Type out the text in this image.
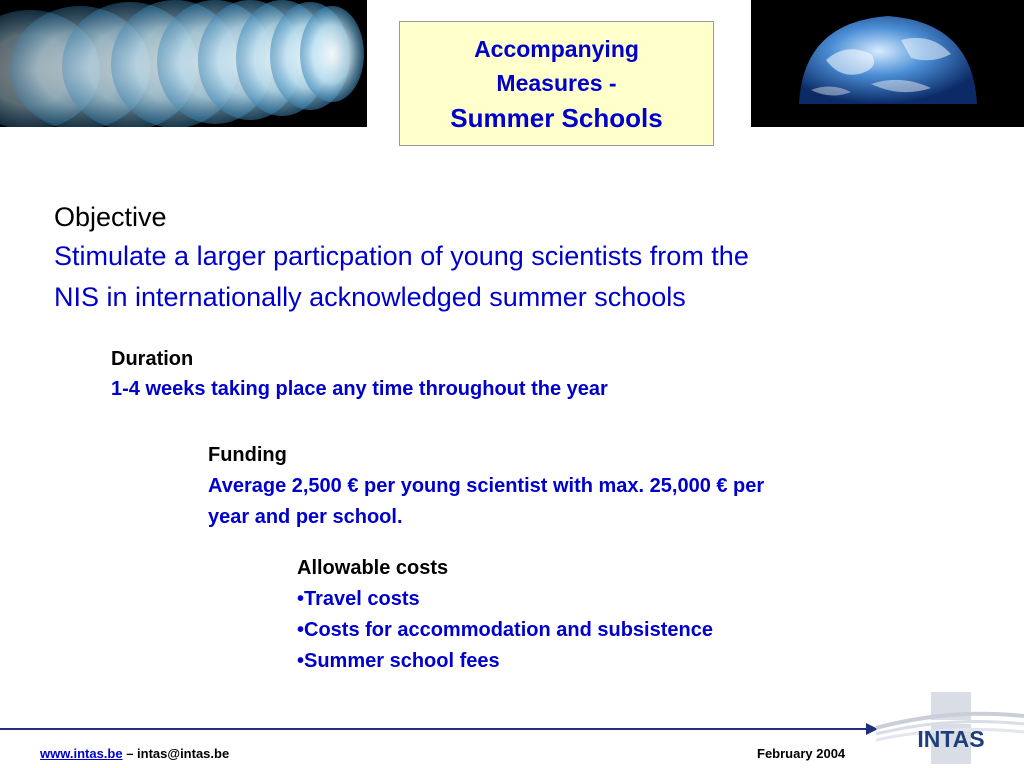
Accompanying
Measures -
Summer Schools
Objective
Stimulate a larger particpation of young scientists from the
NIS in internationally acknowledged summer schools
Duration
1-4 weeks taking place any time throughout the year
Funding
Average 2,500 € per young scientist with max. 25,000 € per
year and per school.
Allowable costs
•Travel costs
•Costs for accommodation and subsistence
•Summer school fees
www.intas.be – intas@intas.be	February 2004
INTAS
